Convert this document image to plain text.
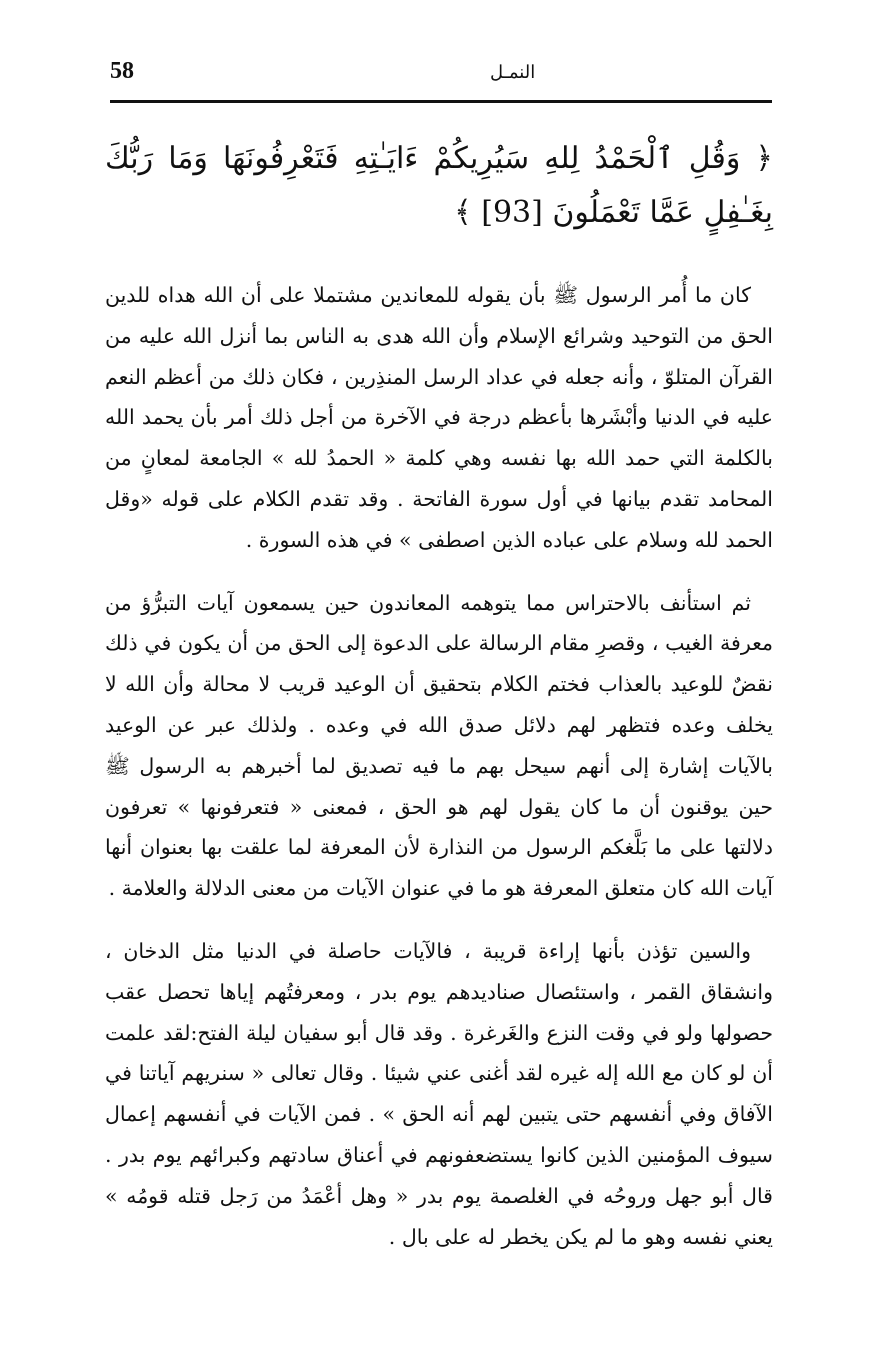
58	النمـل
﴿ وَقُلِ ٱلْحَمْدُ لِلهِ سَيُرِيكُمْ ءَايَـٰتِهِ فَتَعْرِفُونَهَا وَمَا رَبُّكَ بِغَـٰفِلٍ عَمَّا تَعْمَلُونَ [93] ﴾

كان ما أُمر الرسول ﷺ بأن يقوله للمعاندين مشتملا على أن الله هداه للدين الحق من التوحيد وشرائع الإسلام وأن الله هدى به الناس بما أنزل الله عليه من القرآن المتلوّ ، وأنه جعله في عداد الرسل المنذِرين ، فكان ذلك من أعظم النعم عليه في الدنيا وأبْشَرها بأعظم درجة في الآخرة من أجل ذلك أمر بأن يحمد الله بالكلمة التي حمد الله بها نفسه وهي كلمة « الحمدُ لله » الجامعة لمعانٍ من المحامد تقدم بيانها في أول سورة الفاتحة . وقد تقدم الكلام على قوله «وقل الحمد لله وسلام على عباده الذين اصطفى » في هذه السورة .

ثم استأنف بالاحتراس مما يتوهمه المعاندون حين يسمعون آيات التبرُّؤ من معرفة الغيب ، وقصرِ مقام الرسالة على الدعوة إلى الحق من أن يكون في ذلك نقضٌ للوعيد بالعذاب فختم الكلام بتحقيق أن الوعيد قريب لا محالة وأن الله لا يخلف وعده فتظهر لهم دلائل صدق الله في وعده . ولذلك عبر عن الوعيد بالآيات إشارة إلى أنهم سيحل بهم ما فيه تصديق لما أخبرهم به الرسول ﷺ حين يوقنون أن ما كان يقول لهم هو الحق ، فمعنى « فتعرفونها » تعرفون دلالتها على ما بَلَّغكم الرسول من النذارة لأن المعرفة لما علقت بها بعنوان أنها آيات الله كان متعلق المعرفة هو ما في عنوان الآيات من معنى الدلالة والعلامة .

والسين تؤذن بأنها إراءة قريبة ، فالآيات حاصلة في الدنيا مثل الدخان ، وانشقاق القمر ، واستئصال صناديدهم يوم بدر ، ومعرفتُهم إياها تحصل عقب حصولها ولو في وقت النزع والغَرغرة . وقد قال أبو سفيان ليلة الفتح:لقد علمت أن لو كان مع الله إله غيره لقد أغنى عني شيئا . وقال تعالى « سنريهم آياتنا في الآفاق وفي أنفسهم حتى يتبين لهم أنه الحق » . فمن الآيات في أنفسهم إعمال سيوف المؤمنين الذين كانوا يستضعفونهم في أعناق سادتهم وكبرائهم يوم بدر . قال أبو جهل وروحُه في الغلصمة يوم بدر « وهل أعْمَدُ من رَجل قتله قومُه » يعني نفسه وهو ما لم يكن يخطر له على بال .
